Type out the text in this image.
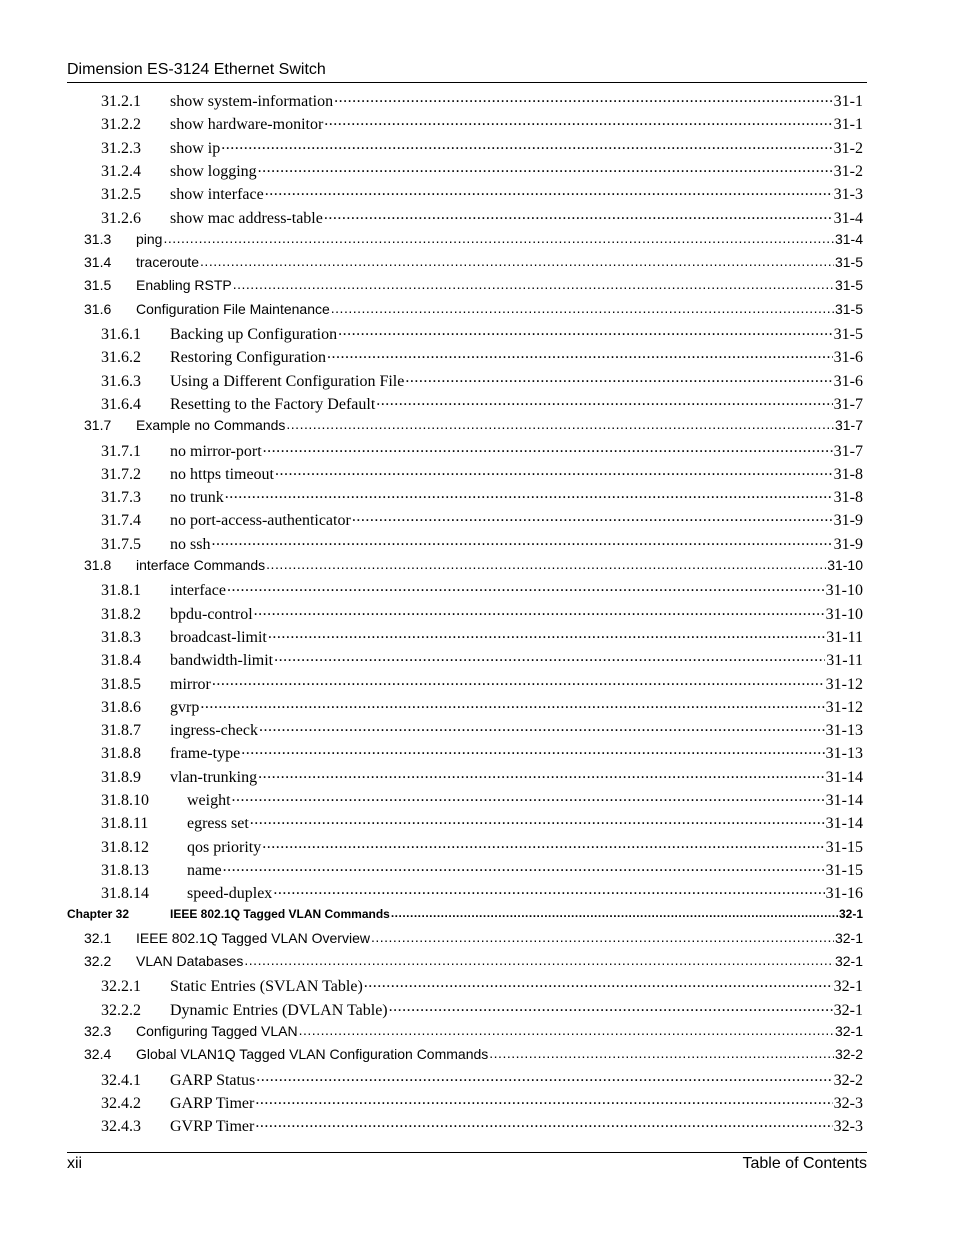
Dimension ES-3124 Ethernet Switch
31.2.1	show system-information .....	31-1
31.2.2	show hardware-monitor .....	31-1
31.2.3	show ip .....	31-2
31.2.4	show logging .....	31-2
31.2.5	show interface .....	31-3
31.2.6	show mac address-table .....	31-4
31.3	ping .....	31-4
31.4	traceroute .....	31-5
31.5	Enabling RSTP .....	31-5
31.6	Configuration File Maintenance .....	31-5
31.6.1	Backing up Configuration .....	31-5
31.6.2	Restoring Configuration .....	31-6
31.6.3	Using a Different Configuration File .....	31-6
31.6.4	Resetting to the Factory Default .....	31-7
31.7	Example no Commands .....	31-7
31.7.1	no mirror-port .....	31-7
31.7.2	no https timeout .....	31-8
31.7.3	no trunk .....	31-8
31.7.4	no port-access-authenticator .....	31-9
31.7.5	no ssh .....	31-9
31.8	interface Commands .....	31-10
31.8.1	interface .....	31-10
31.8.2	bpdu-control .....	31-10
31.8.3	broadcast-limit .....	31-11
31.8.4	bandwidth-limit .....	31-11
31.8.5	mirror .....	31-12
31.8.6	gvrp .....	31-12
31.8.7	ingress-check .....	31-13
31.8.8	frame-type .....	31-13
31.8.9	vlan-trunking .....	31-14
31.8.10	weight .....	31-14
31.8.11	egress set .....	31-14
31.8.12	qos priority .....	31-15
31.8.13	name .....	31-15
31.8.14	speed-duplex .....	31-16
Chapter 32	IEEE 802.1Q Tagged VLAN Commands .....	32-1
32.1	IEEE 802.1Q Tagged VLAN Overview .....	32-1
32.2	VLAN Databases .....	32-1
32.2.1	Static Entries (SVLAN Table) .....	32-1
32.2.2	Dynamic Entries (DVLAN Table) .....	32-1
32.3	Configuring Tagged VLAN .....	32-1
32.4	Global VLAN1Q Tagged VLAN Configuration Commands .....	32-2
32.4.1	GARP Status .....	32-2
32.4.2	GARP Timer .....	32-3
32.4.3	GVRP Timer .....	32-3
xii	Table of Contents
